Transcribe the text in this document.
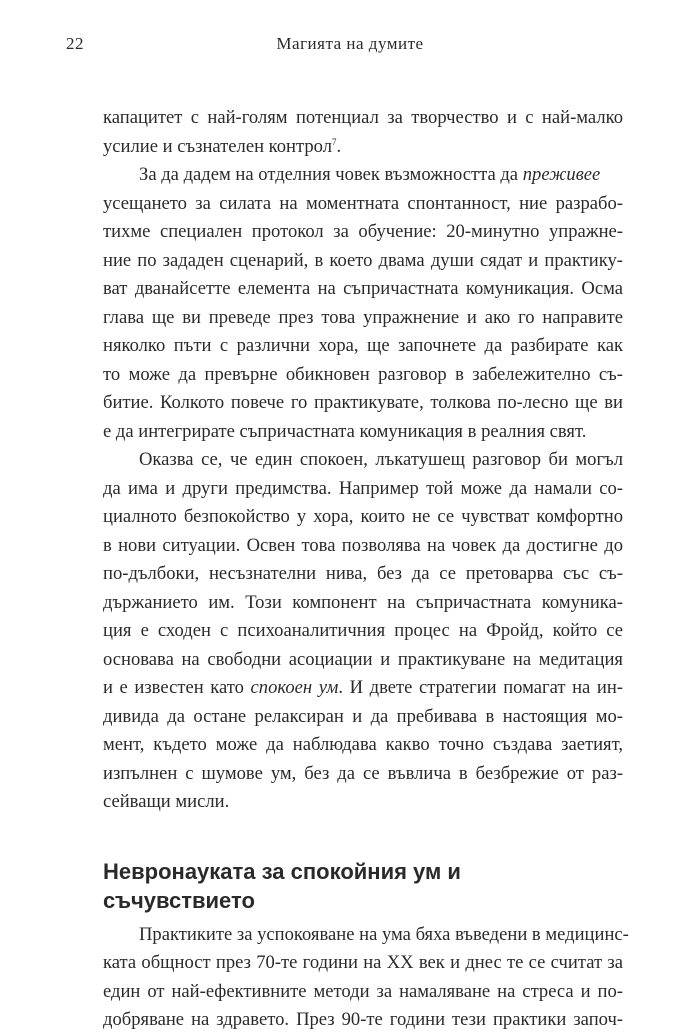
22	Магията на думите

капацитет с най-голям потенциал за творчество и с най-малко
усилие и съзнателен контрол$^7$.

За да дадем на отделния човек възможността да преживее
усещането за силата на моментната спонтанност, ние разрабо-
тихме специален протокол за обучение: 20-минутно упражне-
ние по зададен сценарий, в което двама души сядат и практику-
ват дванайсетте елемента на съпричастната комуникация. Осма
глава ще ви преведе през това упражнение и ако го направите
няколко пъти с различни хора, ще започнете да разбирате как
то може да превърне обикновен разговор в забележително съ-
битие. Колкото повече го практикувате, толкова по-лесно ще ви
е да интегрирате съпричастната комуникация в реалния свят.

Оказва се, че един спокоен, лъкатушещ разговор би могъл
да има и други предимства. Например той може да намали со-
циалното безпокойство у хора, които не се чувстват комфортно
в нови ситуации. Освен това позволява на човек да достигне до
по-дълбоки, несъзнателни нива, без да се претоварва със съ-
държанието им. Този компонент на съпричастната комуника-
ция е сходен с психоаналитичния процес на Фройд, който се
основава на свободни асоциации и практикуване на медитация
и е известен като спокоен ум. И двете стратегии помагат на ин-
дивида да остане релаксиран и да пребивава в настоящия мо-
мент, където може да наблюдава какво точно създава заетият,
изпълнен с шумове ум, без да се въвлича в безбрежие от раз-
сейващи мисли.

Невронауката за спокойния ум и
съчувствието

Практиките за успокояване на ума бяха въведени в медицинс-
ката общност през 70-те години на XX век и днес те се считат за
един от най-ефективните методи за намаляване на стреса и по-
добряване на здравето. През 90-те години тези практики започ-
